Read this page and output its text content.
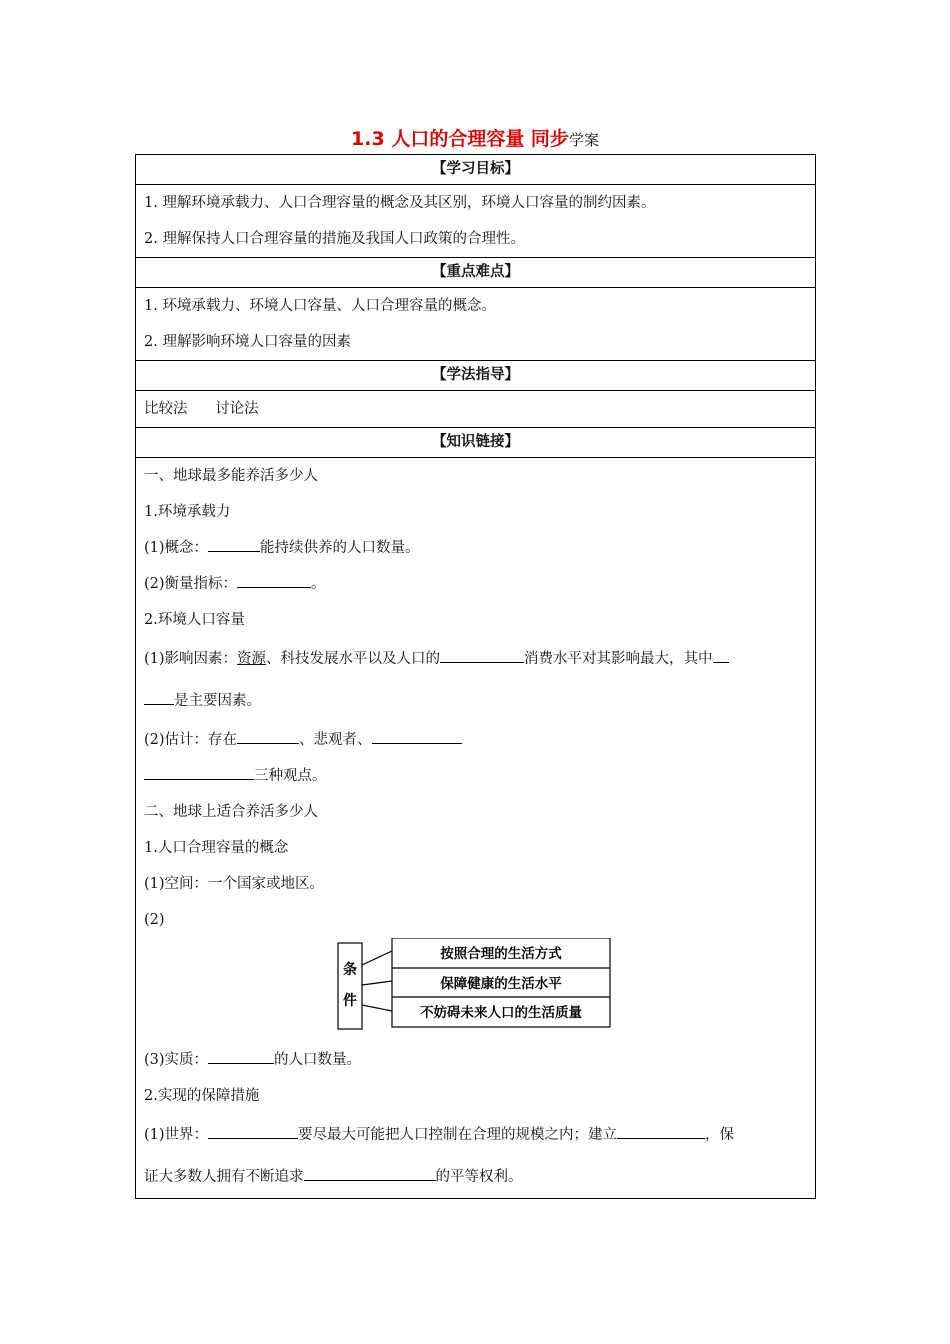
1.3 人口的合理容量 同步学案
【学习目标】

1. 理解环境承载力、人口合理容量的概念及其区别，环境人口容量的制约因素。
2. 理解保持人口合理容量的措施及我国人口政策的合理性。

【重点难点】

1. 环境承载力、环境人口容量、人口合理容量的概念。
2. 理解影响环境人口容量的因素

【学法指导】

比较法      讨论法

【知识链接】

一、地球最多能养活多少人
1.环境承载力
(1)概念：	能持续供养的人口数量。
(2)衡量指标：	。
2.环境人口容量
(1)影响因素：资源、科技发展水平以及人口的	消费水平对其影响最大，其中
是主要因素。
(2)估计：存在	、悲观者、
三种观点。
二、地球上适合养活多少人
1.人口合理容量的概念
(1)空间：一个国家或地区。
(2)
条
件
按照合理的生活方式
保障健康的生活水平
不妨碍未来人口的生活质量
(3)实质：	的人口数量。
2.实现的保障措施
(1)世界：	要尽最大可能把人口控制在合理的规模之内；建立	，保
证大多数人拥有不断追求	的平等权利。
